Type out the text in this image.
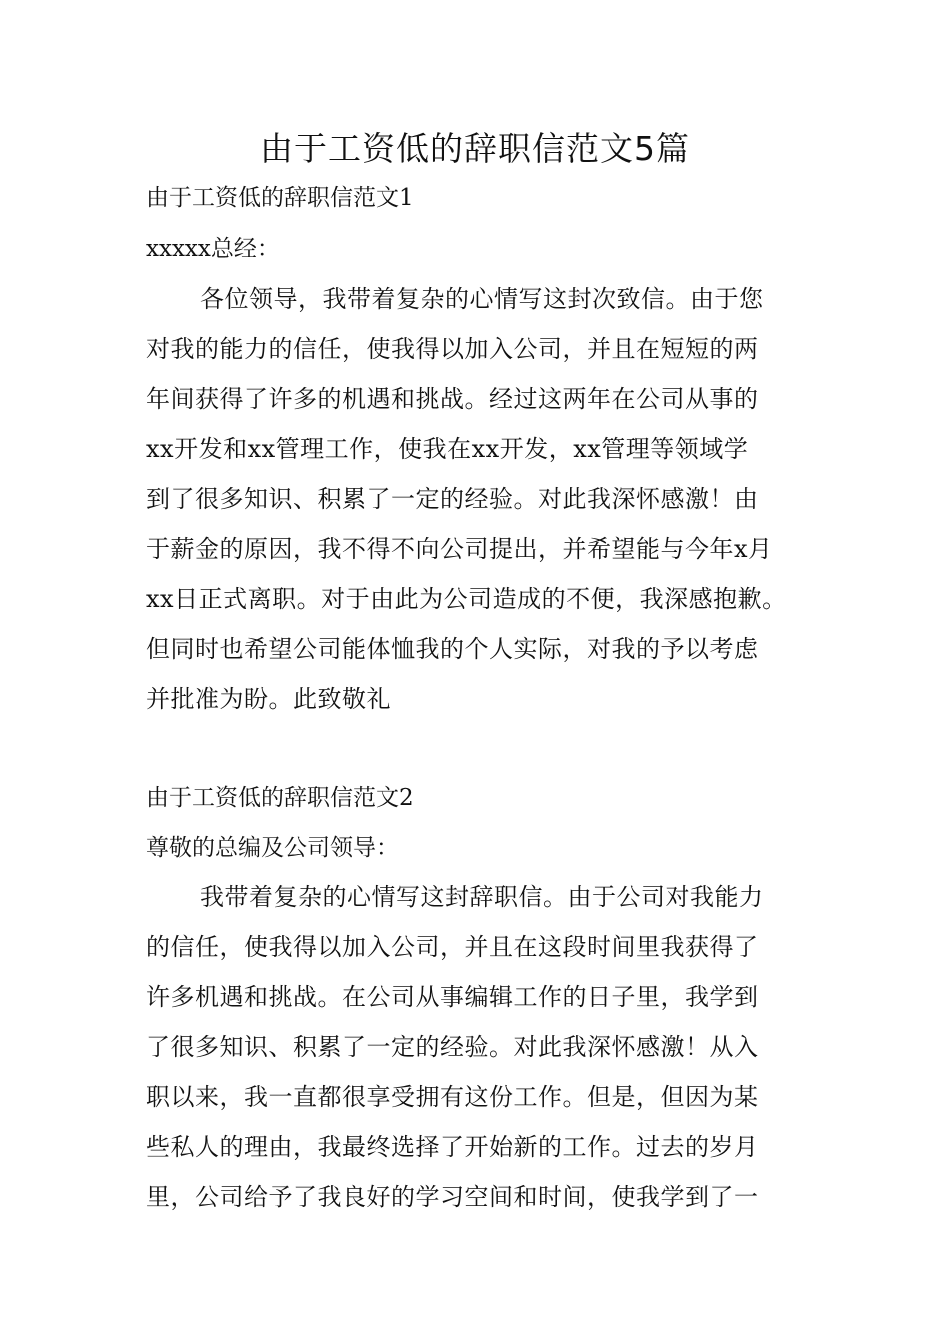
由于工资低的辞职信范文5篇

由于工资低的辞职信范文1

xxxxx总经：

各位领导，我带着复杂的心情写这封次致信。由于您

对我的能力的信任，使我得以加入公司，并且在短短的两

年间获得了许多的机遇和挑战。经过这两年在公司从事的

xx开发和xx管理工作，使我在xx开发，xx管理等领域学

到了很多知识、积累了一定的经验。对此我深怀感激！由

于薪金的原因，我不得不向公司提出，并希望能与今年x月

xx日正式离职。对于由此为公司造成的不便，我深感抱歉。

但同时也希望公司能体恤我的个人实际，对我的予以考虑

并批准为盼。此致敬礼

由于工资低的辞职信范文2

尊敬的总编及公司领导：

我带着复杂的心情写这封辞职信。由于公司对我能力

的信任，使我得以加入公司，并且在这段时间里我获得了

许多机遇和挑战。在公司从事编辑工作的日子里，我学到

了很多知识、积累了一定的经验。对此我深怀感激！从入

职以来，我一直都很享受拥有这份工作。但是，但因为某

些私人的理由，我最终选择了开始新的工作。过去的岁月

里，公司给予了我良好的学习空间和时间，使我学到了一
